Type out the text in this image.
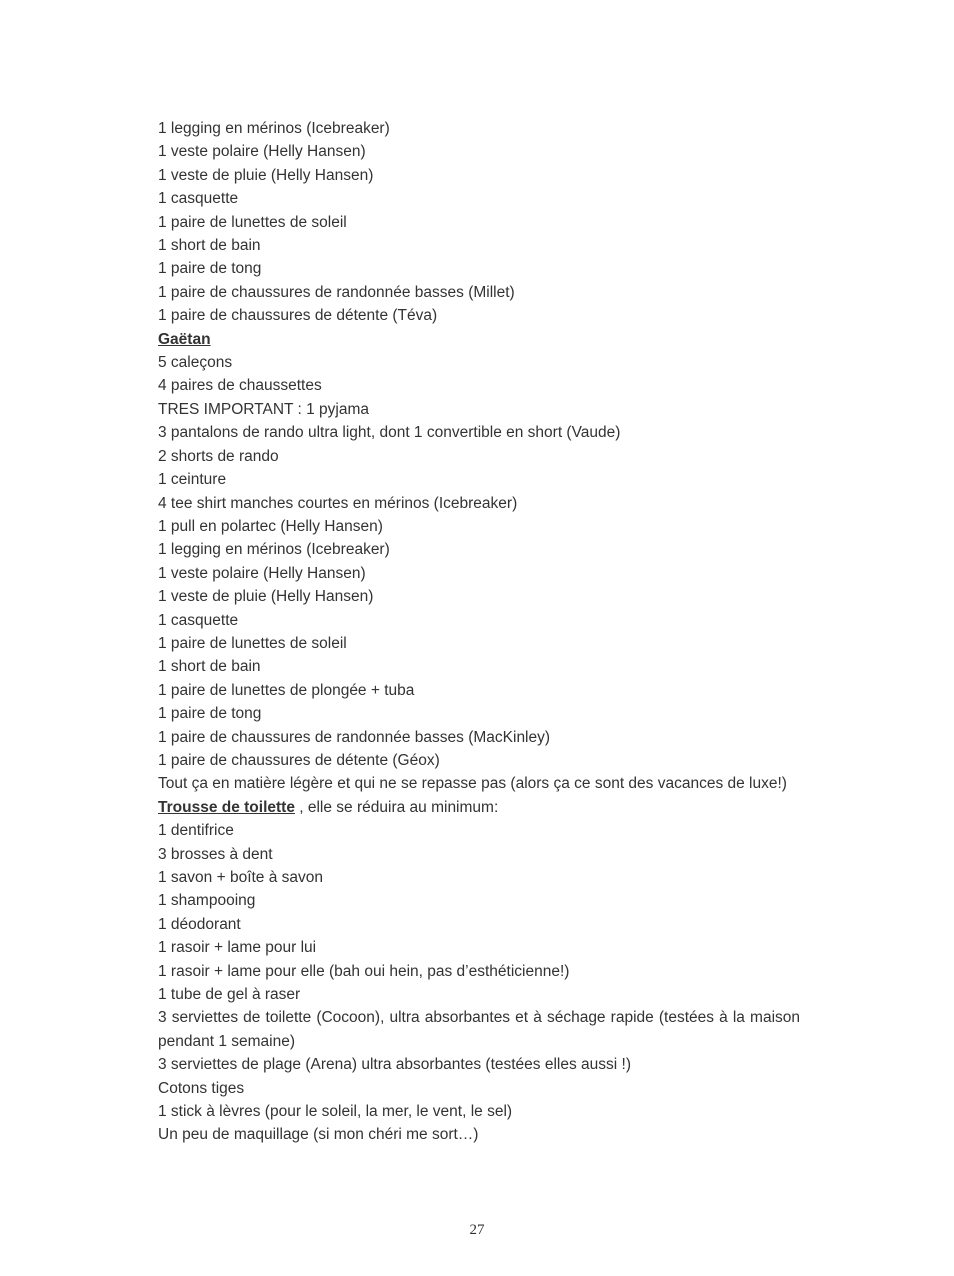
1 legging en mérinos (Icebreaker)
1 veste polaire (Helly Hansen)
1 veste de pluie (Helly Hansen)
1 casquette
1 paire de lunettes de soleil
1 short de bain
1 paire de tong
1 paire de chaussures de randonnée basses (Millet)
1 paire de chaussures de détente (Téva)
Gaëtan
5 caleçons
4 paires de chaussettes
TRES IMPORTANT : 1 pyjama
3 pantalons de rando ultra light, dont 1 convertible en short (Vaude)
2 shorts de rando
1 ceinture
4 tee shirt manches courtes en mérinos (Icebreaker)
1 pull en polartec (Helly Hansen)
1 legging en mérinos (Icebreaker)
1 veste polaire (Helly Hansen)
1 veste de pluie (Helly Hansen)
1 casquette
1 paire de lunettes de soleil
1 short de bain
1 paire de lunettes de plongée + tuba
1 paire de tong
1 paire de chaussures de randonnée basses (MacKinley)
1 paire de chaussures de détente (Géox)
Tout ça en matière légère et qui ne se repasse pas (alors ça ce sont des vacances de luxe!)
Trousse de toilette , elle se réduira au minimum:
1 dentifrice
3 brosses à dent
1 savon + boîte à savon
1 shampooing
1 déodorant
1 rasoir + lame pour lui
1 rasoir + lame pour elle (bah oui hein, pas d’esthéticienne!)
1 tube de gel à raser
3 serviettes de toilette (Cocoon), ultra absorbantes et à séchage rapide (testées à la maison pendant 1 semaine)
3 serviettes de plage (Arena) ultra absorbantes (testées elles aussi !)
Cotons tiges
1 stick à lèvres (pour le soleil, la mer, le vent, le sel)
Un peu de maquillage (si mon chéri me sort…)
27
